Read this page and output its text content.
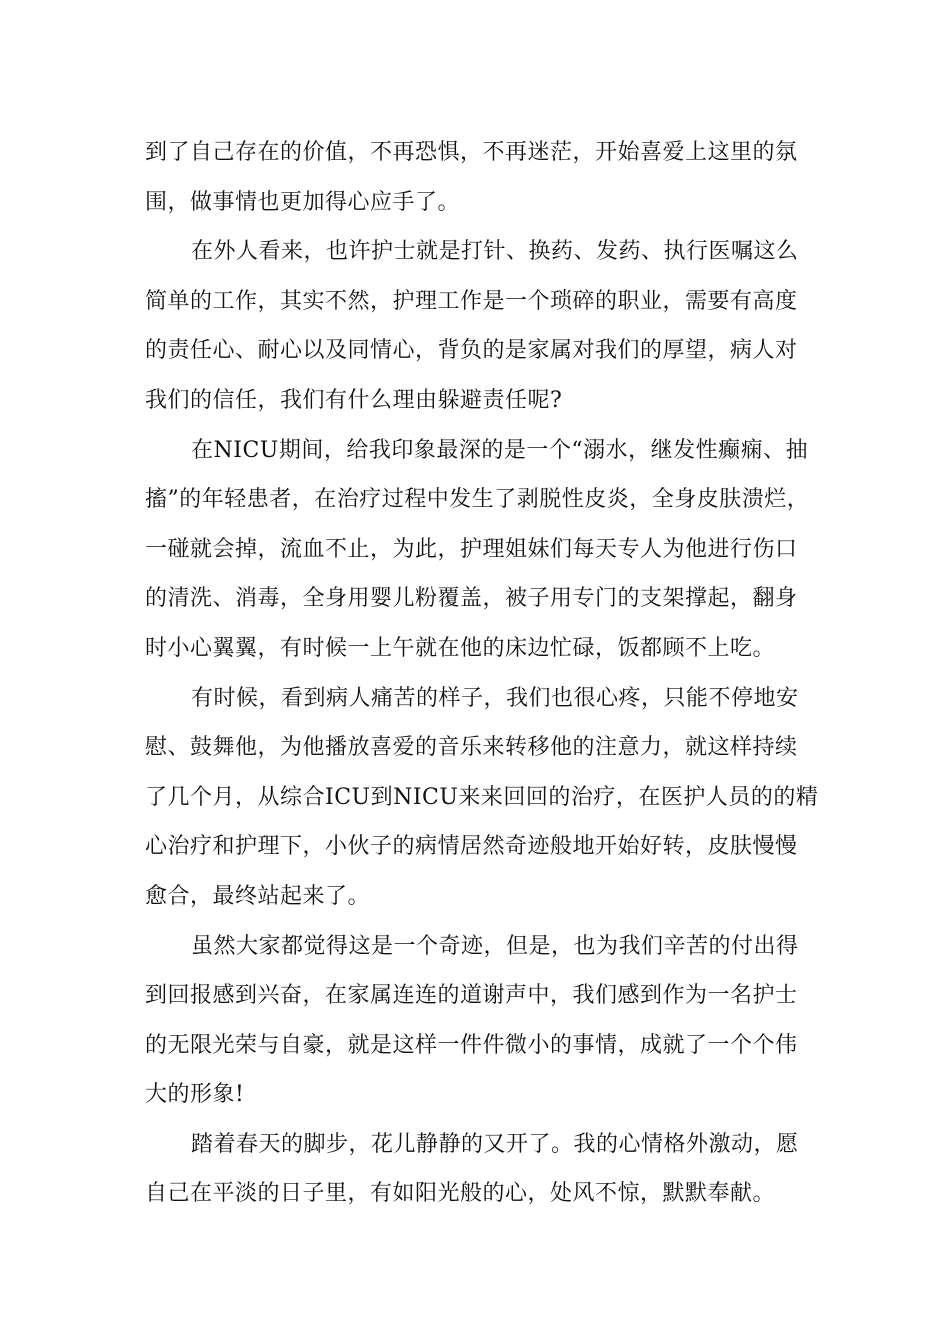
到了自己存在的价值，不再恐惧，不再迷茫，开始喜爱上这里的氛
围，做事情也更加得心应手了。
在外人看来，也许护士就是打针、换药、发药、执行医嘱这么
简单的工作，其实不然，护理工作是一个琐碎的职业，需要有高度
的责任心、耐心以及同情心，背负的是家属对我们的厚望，病人对
我们的信任，我们有什么理由躲避责任呢?
在NICU期间，给我印象最深的是一个“溺水，继发性癫痫、抽
搐”的年轻患者，在治疗过程中发生了剥脱性皮炎，全身皮肤溃烂，
一碰就会掉，流血不止，为此，护理姐妹们每天专人为他进行伤口
的清洗、消毒，全身用婴儿粉覆盖，被子用专门的支架撑起，翻身
时小心翼翼，有时候一上午就在他的床边忙碌，饭都顾不上吃。
有时候，看到病人痛苦的样子，我们也很心疼，只能不停地安
慰、鼓舞他，为他播放喜爱的音乐来转移他的注意力，就这样持续
了几个月，从综合ICU到NICU来来回回的治疗，在医护人员的的精
心治疗和护理下，小伙子的病情居然奇迹般地开始好转，皮肤慢慢
愈合，最终站起来了。
虽然大家都觉得这是一个奇迹，但是，也为我们辛苦的付出得
到回报感到兴奋，在家属连连的道谢声中，我们感到作为一名护士
的无限光荣与自豪，就是这样一件件微小的事情，成就了一个个伟
大的形象!
踏着春天的脚步，花儿静静的又开了。我的心情格外激动，愿
自己在平淡的日子里，有如阳光般的心，处风不惊，默默奉献。
